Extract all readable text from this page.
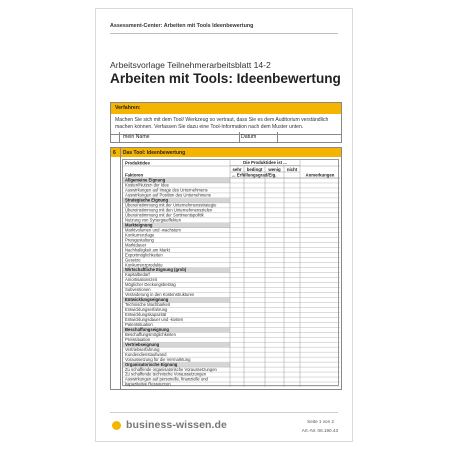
Assessment-Center: Arbeiten mit Tools Ideenbewertung
Arbeitsvorlage Teilnehmerarbeitsblatt 14-2
Arbeiten mit Tools: Ideenbewertung
Verfahren:
Machen Sie sich mit dem Tool/ Werkzeug so vertraut, dass Sie es dem Auditorium verständlich
machen können. Verfassen Sie dazu eine Tool-Information nach dem Muster unten.
mein Name	Datum
6 Das Tool: Ideenbewertung
Produktidee	Die Produktidee ist ...
sehr bedingt wenig nicht
Faktoren	... Erfüllungsgrad/Eig.	Anmerkungen
Allgemeine Eignung
Kosten/Nutzen der Idee
Auswirkungen auf Image des Unternehmens
Auswirkungen auf Position des Unternehmens
Strategische Eignung
Übereinstimmung mit der Unternehmensstrategie
Übereinstimmung mit den Unternehmenszielen
Übereinstimmung mit der Sortimentspolitik
Nutzung von Synergieeffekten
Markteignung
Marktvolumen und -wachstum
Konkurrenzlage
Preisgestaltung
Marktdauer
Nachhaltigkeit am Markt
Exportmöglichkeiten
Gesetze
Konkurrenzprodukte
Wirtschaftliche Eignung (grob)
Kapitalbedarf
Amortisationszeit
Möglicher Deckungsbeitrag
Subventionen
Veränderung in den Kostenstrukturen
Entwicklungseignung
Technische Machbarkeit
Entwicklungserfahrung
Entwicklungskapazität
Entwicklungsdauer und -kosten
Patentsituation
Beschaffungseignung
Beschaffungsmöglichkeiten
Preissituation
Vertriebseignung
Vertriebserfahrung
Kundendienstaufwand
Voraussetzung für die Vermarktung
Organisatorische Eignung
Zu schaffende organisatorische Voraussetzungen
Zu schaffende technische Voraussetzungen
Auswirkungen auf personelle, finanzielle und
kapazitative Ressourcen
business-wissen.de	Seite 1 von 2
Art.-Nr. 06.190.43
